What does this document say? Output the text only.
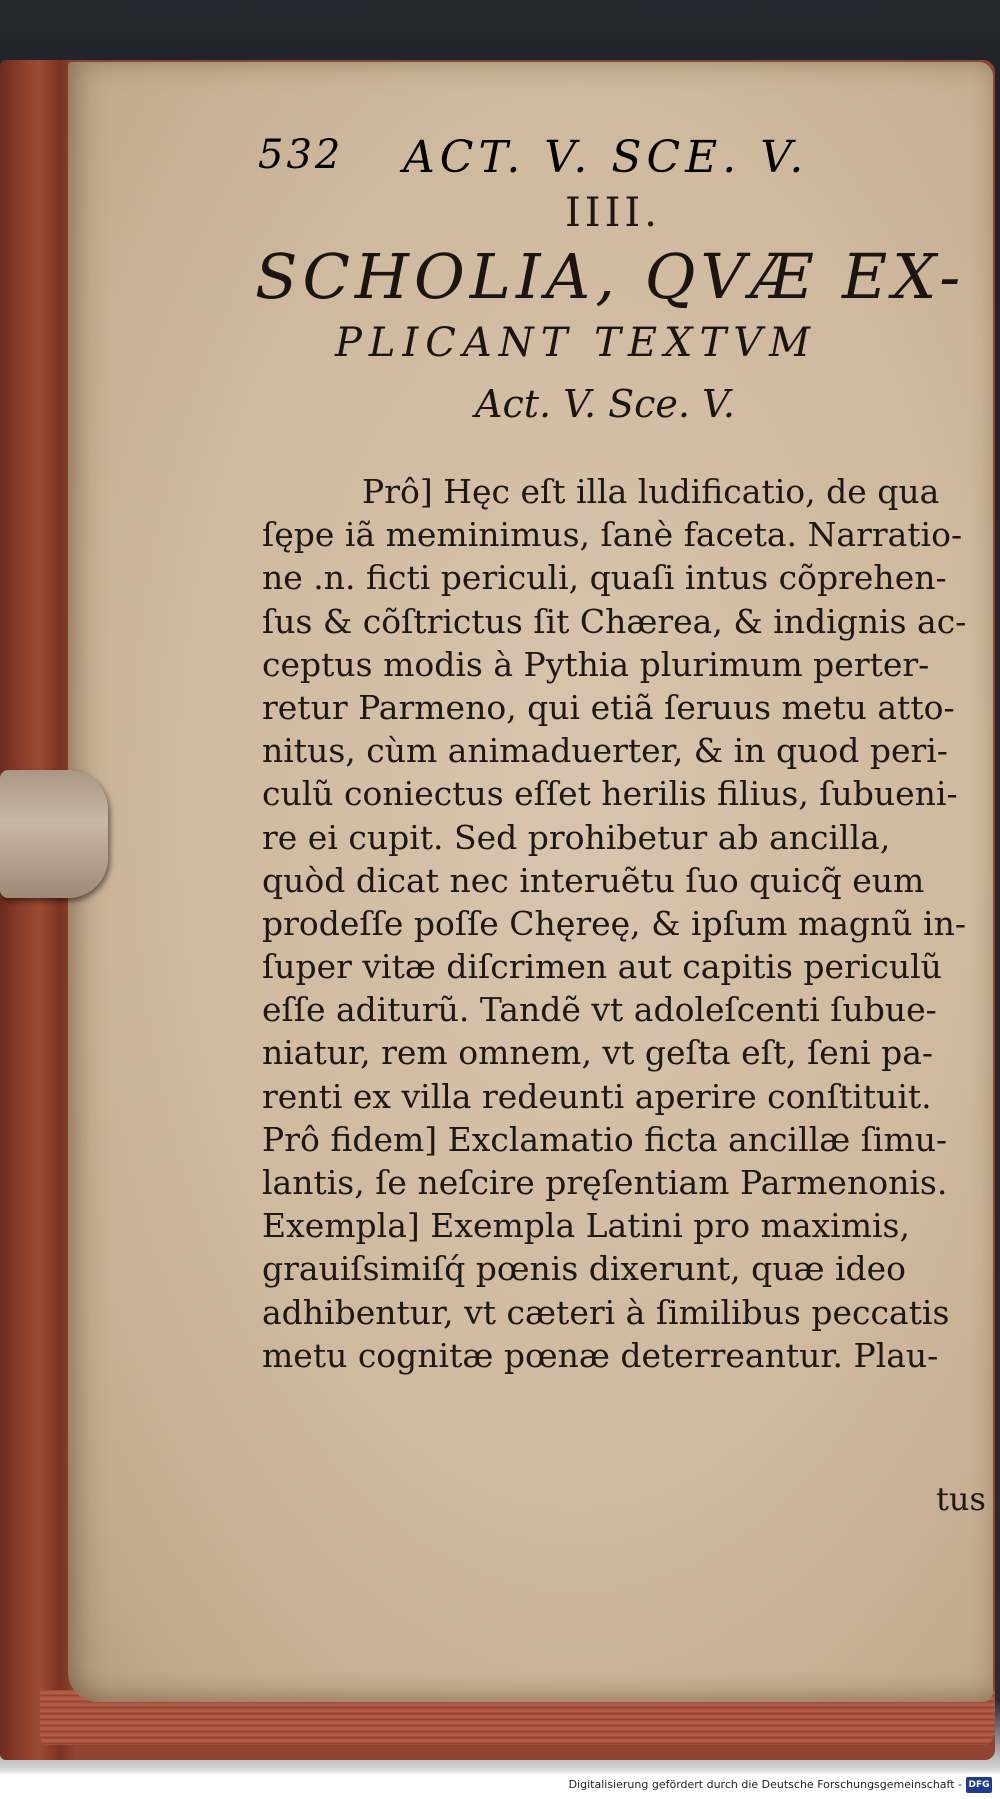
532 ACT. V. SCE. V.
IIII.
SCHOLIA, QVÆ EX-
PLICANT TEXTVM
Act. V. Sce. V.
Prô] Hęc eſt illa ludificatio, de qua
ſępe iã meminimus, ſanè faceta. Narratio-
ne .n. ficti periculi, quaſi intus cõprehen-
ſus & cõſtrictus ſit Chærea, & indignis ac-
ceptus modis à Pythia plurimum perter-
retur Parmeno, qui etiã ſeruus metu atto-
nitus, cùm animaduerter, & in quod peri-
culũ coniectus eſſet herilis filius, ſubueni-
re ei cupit. Sed prohibetur ab ancilla,
quòd dicat nec interuẽtu ſuo quicq̃ eum
prodeſſe poſſe Chęreę, & ipſum magnũ in-
ſuper vitæ diſcrimen aut capitis periculũ
eſſe aditurũ. Tandẽ vt adoleſcenti ſubue-
niatur, rem omnem, vt geſta eſt, ſeni pa-
renti ex villa redeunti aperire conſtituit.
Prô fidem] Exclamatio ficta ancillæ ſimu-
lantis, ſe neſcire pręſentiam Parmenonis.
Exempla] Exempla Latini pro maximis,
grauiſsimiſq́ pœnis dixerunt, quæ ideo
adhibentur, vt cæteri à ſimilibus peccatis
metu cognitæ pœnæ deterreantur. Plau-
tus
Digitalisierung gefördert durch die Deutsche Forschungsgemeinschaft - DFG
